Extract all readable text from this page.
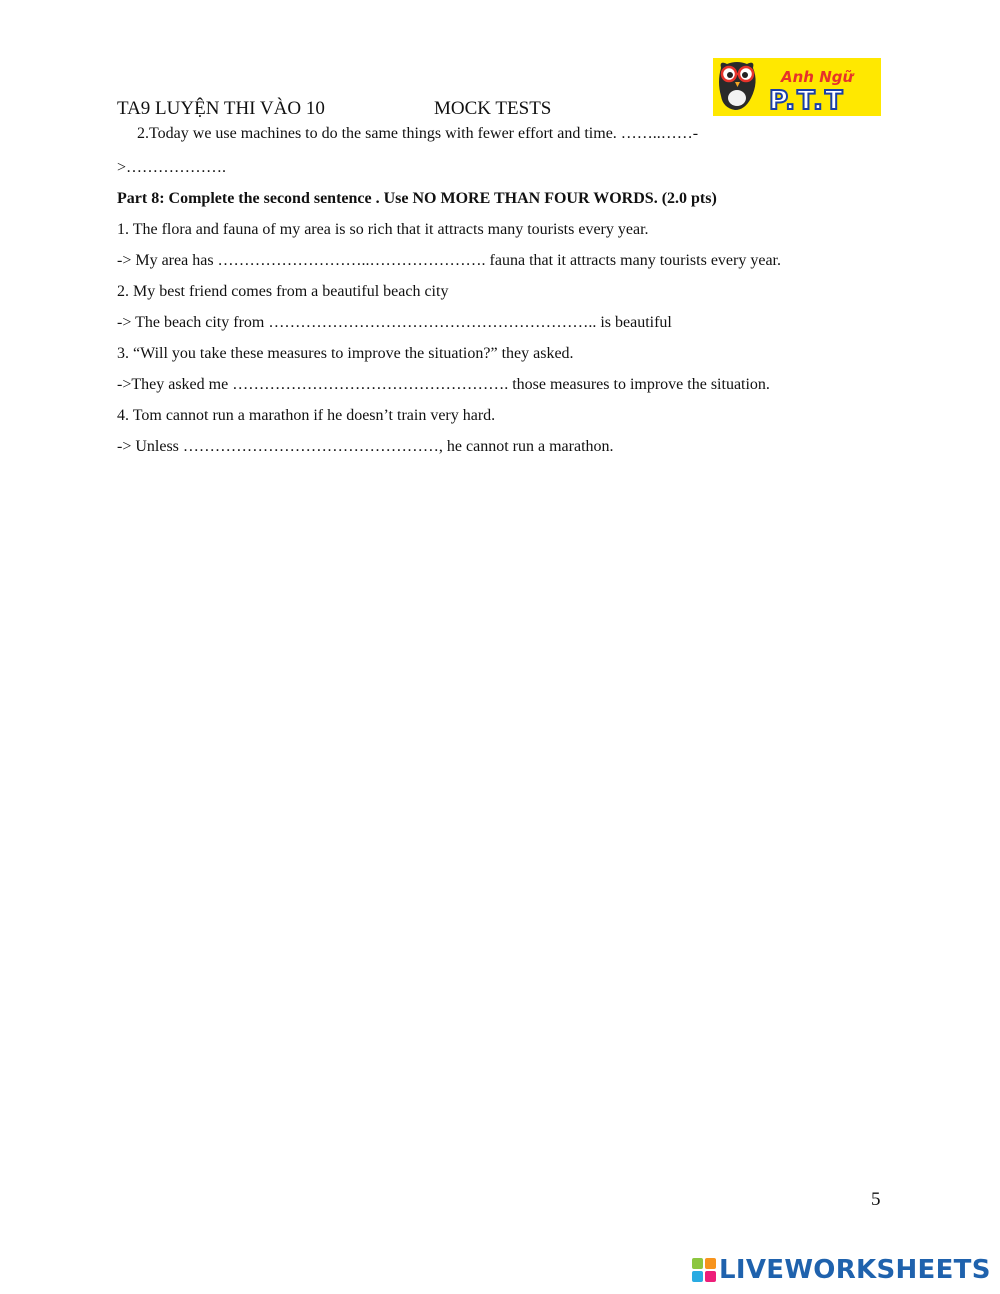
TA9 LUYỆN THI VÀO 10	MOCK TESTS
Anh Ngữ
P.T.T
2.Today we use machines to do the same things with fewer effort and time. ……..……-
>……………….
Part 8: Complete the second sentence . Use NO MORE THAN FOUR WORDS. (2.0 pts)
1. The flora and fauna of my area is so rich that it attracts many tourists every year.
-> My area has ………………………..…………………. fauna that it attracts many tourists every year.
2. My best friend comes from a beautiful beach city
-> The beach city from …………………………………………………….. is beautiful
3. “Will you take these measures to improve the situation?” they asked.
->They asked me ……………………………………………. those measures to improve the situation.
4. Tom cannot run a marathon if he doesn’t train very hard.
-> Unless …………………………………………, he cannot run a marathon.
5
LIVEWORKSHEETS
